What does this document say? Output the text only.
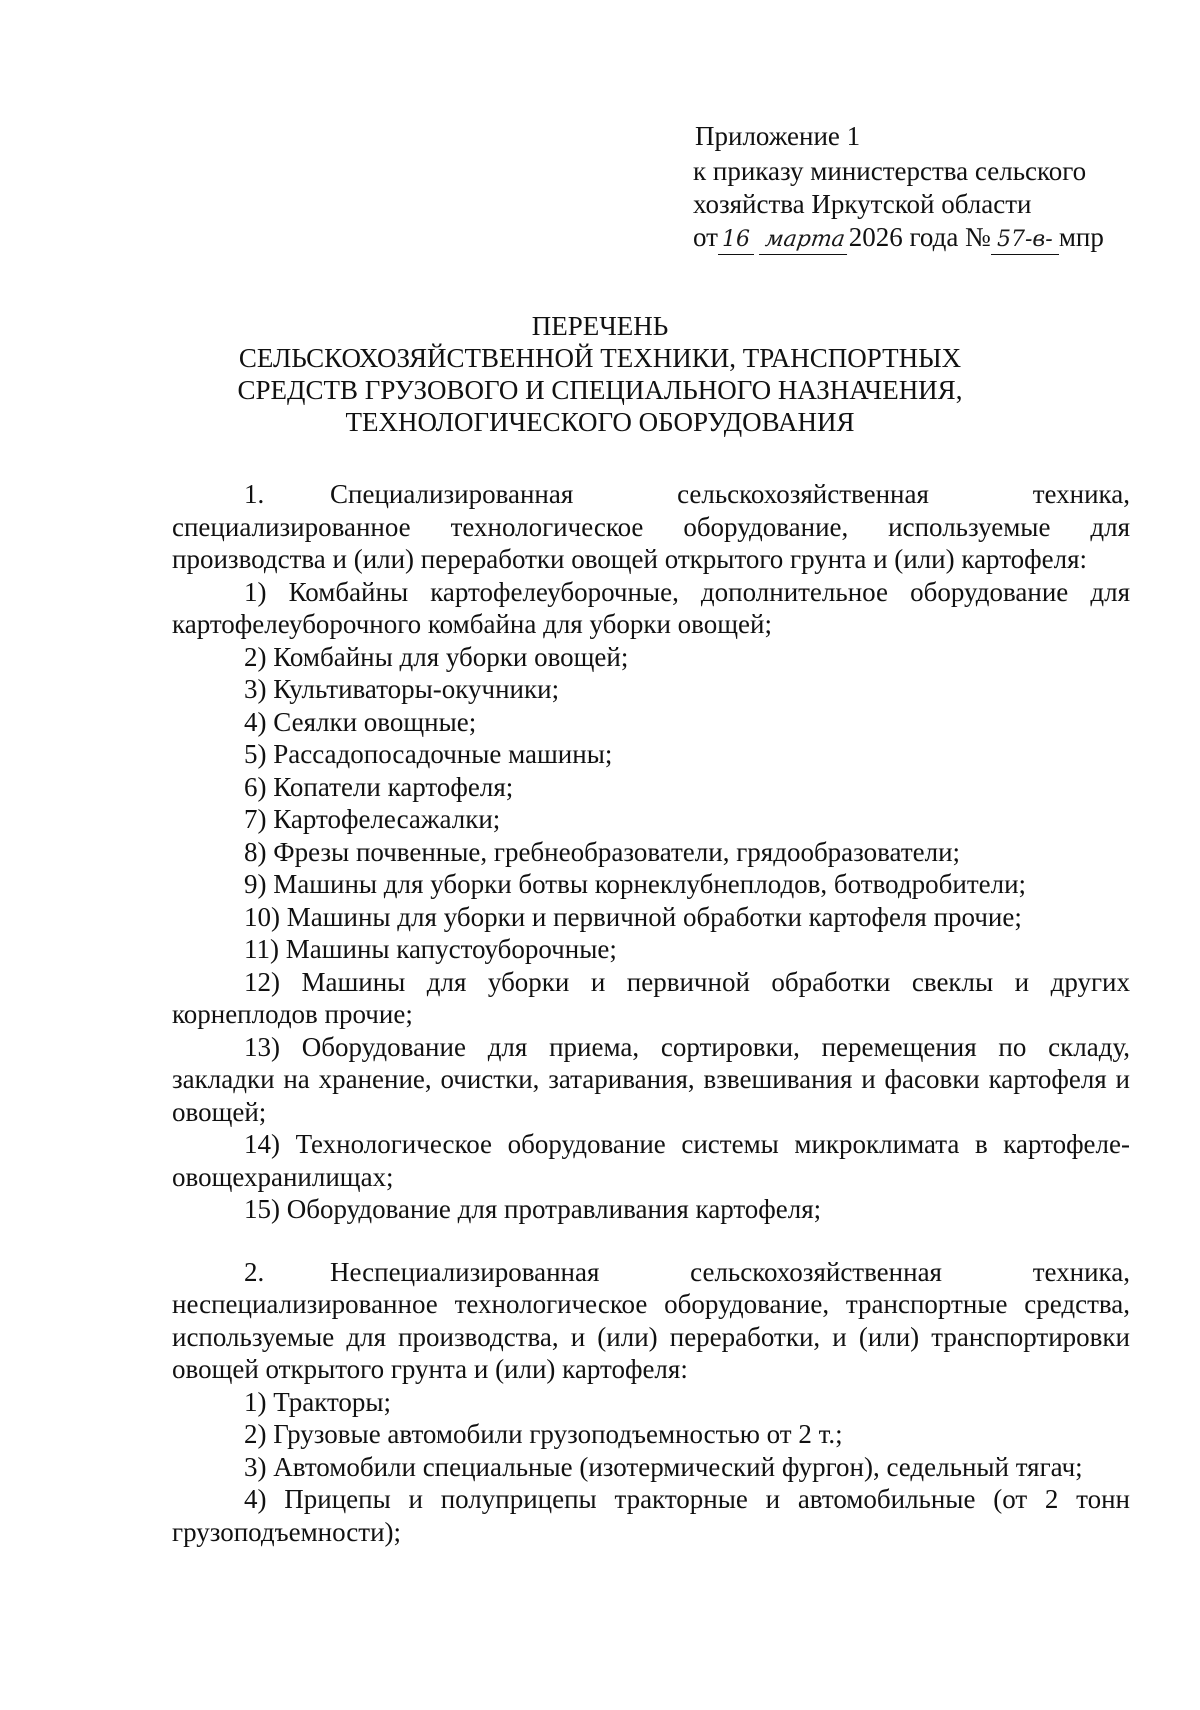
Приложение 1
к приказу министерства сельского
хозяйства Иркутской области
от 16 марта2026 года № 57-в- мпр
ПЕРЕЧЕНЬ
СЕЛЬСКОХОЗЯЙСТВЕННОЙ ТЕХНИКИ, ТРАНСПОРТНЫХ
СРЕДСТВ ГРУЗОВОГО И СПЕЦИАЛЬНОГО НАЗНАЧЕНИЯ,
ТЕХНОЛОГИЧЕСКОГО ОБОРУДОВАНИЯ

1. Специализированная сельскохозяйственная техника, специализированное технологическое оборудование, используемые для производства и (или) переработки овощей открытого грунта и (или) картофеля:

1) Комбайны картофелеуборочные, дополнительное оборудование для картофелеуборочного комбайна для уборки овощей;

2) Комбайны для уборки овощей;

3) Культиваторы-окучники;

4) Сеялки овощные;

5) Рассадопосадочные машины;

6) Копатели картофеля;

7) Картофелесажалки;

8) Фрезы почвенные, гребнеобразователи, грядообразователи;

9) Машины для уборки ботвы корнеклубнеплодов, ботводробители;

10) Машины для уборки и первичной обработки картофеля прочие;

11) Машины капустоуборочные;

12) Машины для уборки и первичной обработки свеклы и других корнеплодов прочие;

13) Оборудование для приема, сортировки, перемещения по складу, закладки на хранение, очистки, затаривания, взвешивания и фасовки картофеля и овощей;

14) Технологическое оборудование системы микроклимата в картофеле-овощехранилищах;

15) Оборудование для протравливания картофеля;

2. Неспециализированная сельскохозяйственная техника, неспециализированное технологическое оборудование, транспортные средства, используемые для производства, и (или) переработки, и (или) транспортировки овощей открытого грунта и (или) картофеля:

1) Тракторы;

2) Грузовые автомобили грузоподъемностью от 2 т.;

3) Автомобили специальные (изотермический фургон), седельный тягач;

4) Прицепы и полуприцепы тракторные и автомобильные (от 2 тонн грузоподъемности);
